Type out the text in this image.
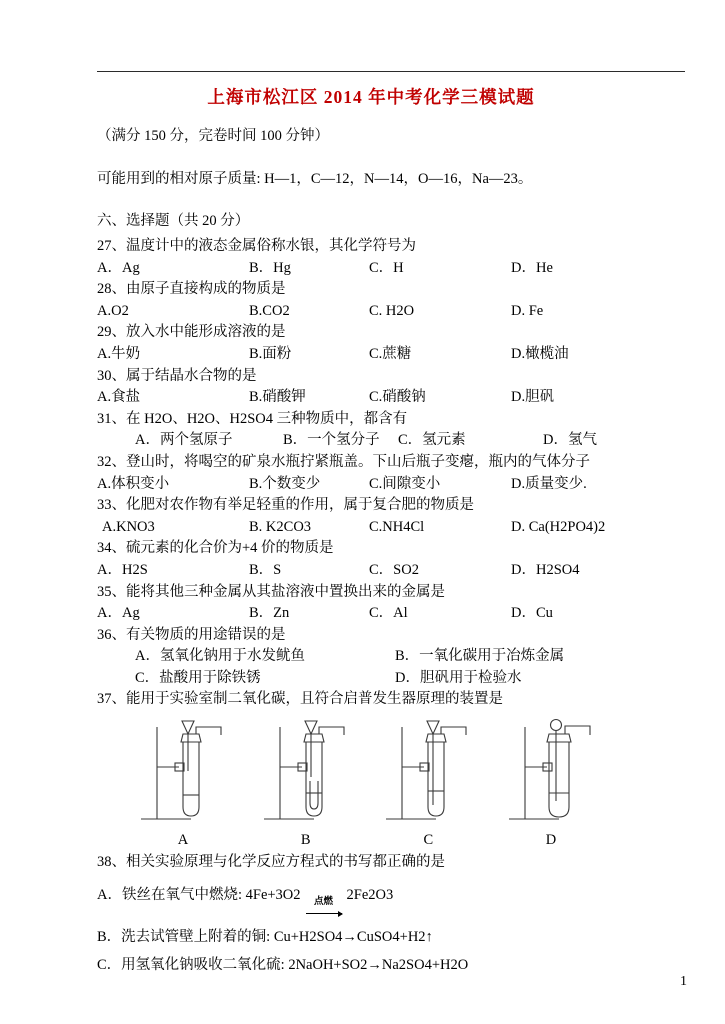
上海市松江区 2014 年中考化学三模试题

（满分 150 分，完卷时间 100 分钟）

可能用到的相对原子质量: H—1，C—12，N—14，O—16，Na—23。

六、选择题（共 20 分）

27、温度计中的液态金属俗称水银，其化学符号为

A．Ag	B．Hg	C．H	D．He

28、由原子直接构成的物质是

A.O2	B.CO2	C. H2O	D. Fe

29、放入水中能形成溶液的是

A.牛奶	B.面粉	C.蔗糖	D.橄榄油

30、属于结晶水合物的是

A.食盐	B.硝酸钾	C.硝酸钠	D.胆矾

31、在 H2O、H2O、H2SO4 三种物质中，都含有

A．两个氢原子	B．一个氢分子	C．氢元素	D．氢气

32、登山时，将喝空的矿泉水瓶拧紧瓶盖。下山后瓶子变瘪，瓶内的气体分子

A.体积变小	B.个数变少	C.间隙变小	D.质量变少.

33、化肥对农作物有举足轻重的作用，属于复合肥的物质是

A.KNO3	B. K2CO3	C.NH4Cl	D. Ca(H2PO4)2

34、硫元素的化合价为+4 价的物质是

A．H2S	B．S	C．SO2	D．H2SO4

35、能将其他三种金属从其盐溶液中置换出来的金属是

A．Ag	B．Zn	C．Al	D．Cu

36、有关物质的用途错误的是

A．氢氧化钠用于水发鱿鱼	B．一氧化碳用于冶炼金属
C．盐酸用于除铁锈	D．胆矾用于检验水

37、能用于实验室制二氧化碳，且符合启普发生器原理的装置是

A	B	C	D

38、相关实验原理与化学反应方程式的书写都正确的是

A．铁丝在氧气中燃烧: 4Fe+3O2 点燃 2Fe2O3

B．洗去试管壁上附着的铜: Cu+H2SO4→CuSO4+H2↑

C．用氢氧化钠吸收二氧化硫: 2NaOH+SO2→Na2SO4+H2O

1
